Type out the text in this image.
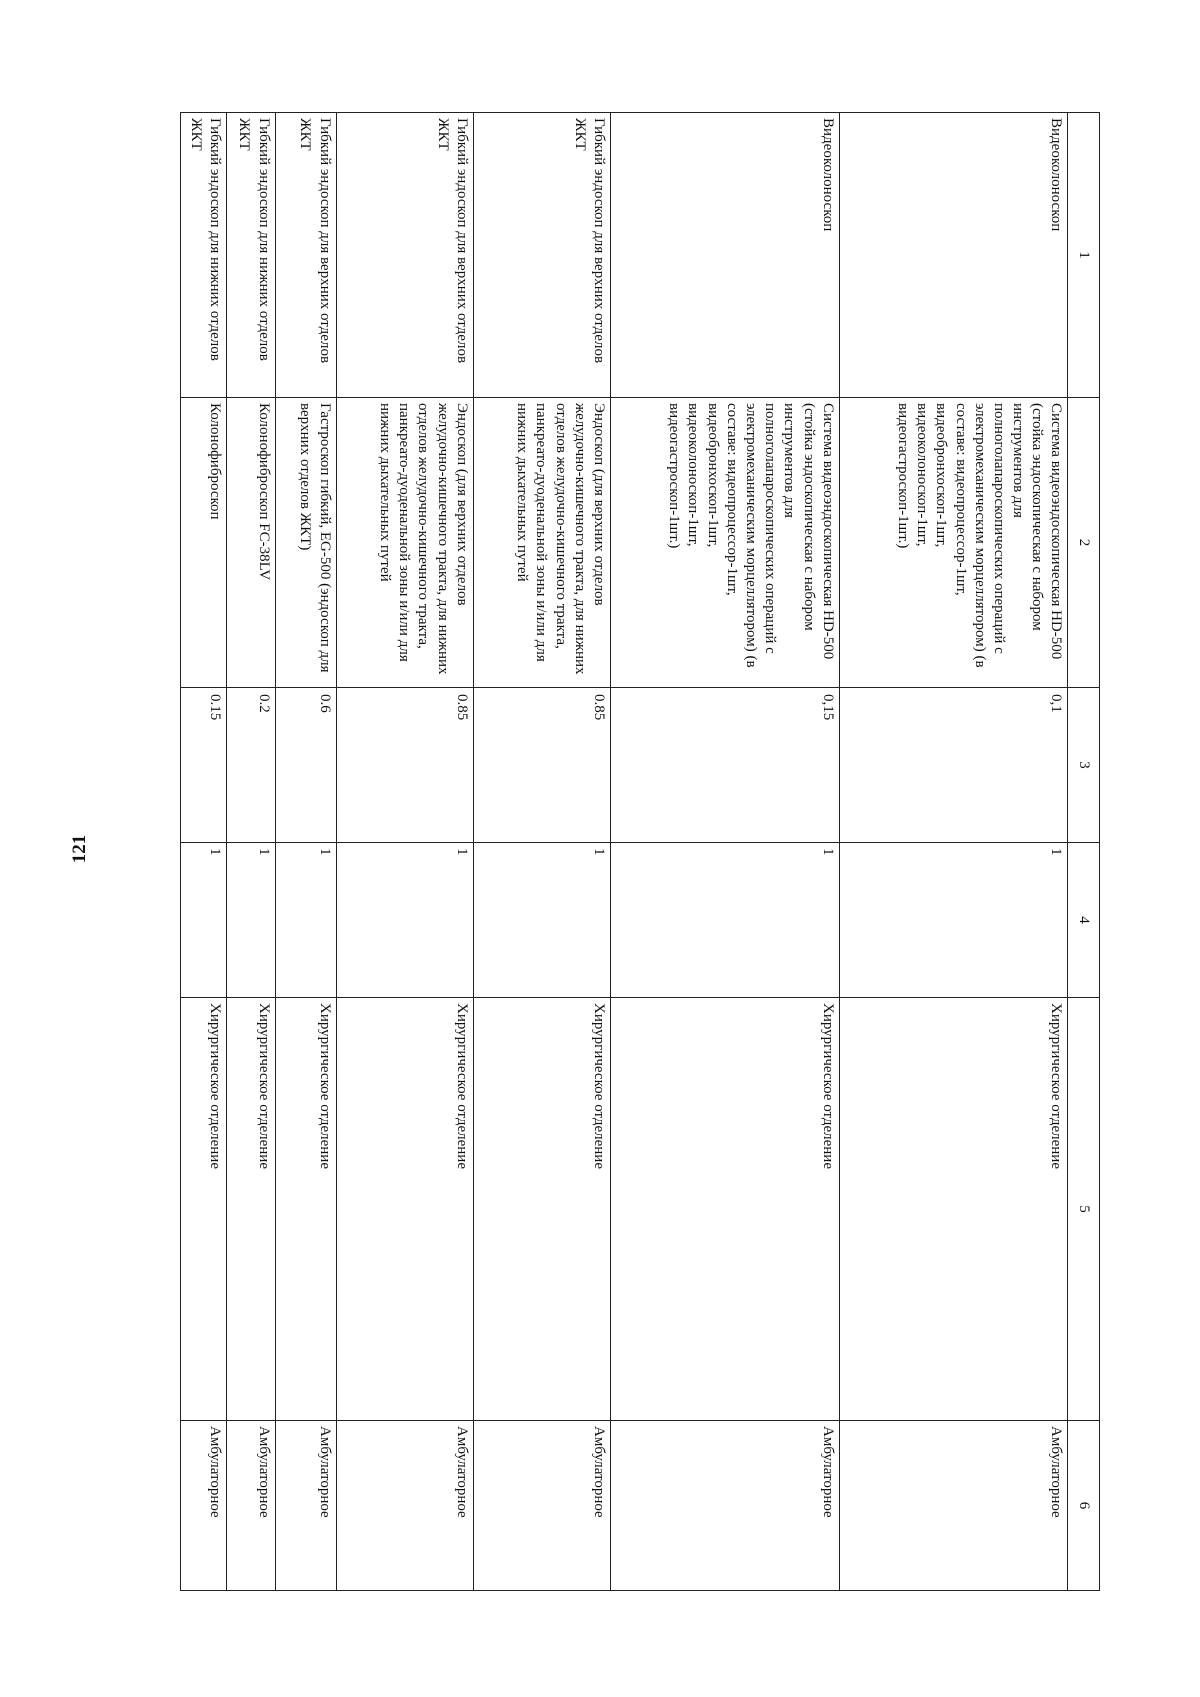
121
1	2	3	4	5	6
Видеоколоноскоп	Система видеоэндоскопическая HD-500 (стойка эндоскопическая с набором инструментов для полноголапароскопических операций с электромеханическим морцеллятором) (в составе: видеопроцессор-1шт, видеобронхоскоп-1шт, видеоколоноскоп-1шт, видеогастроскоп-1шт.)	0,1	1	Хирургическое отделение	Амбулаторное
Видеоколоноскоп	Система видеоэндоскопическая HD-500 (стойка эндоскопическая с набором инструментов для полноголапароскопических операций с электромеханическим морцеллятором) (в составе: видеопроцессор-1шт, видеобронхоскоп-1шт, видеоколоноскоп-1шт, видеогастроскоп-1шт.)	0,15	1	Хирургическое отделение	Амбулаторное
Гибкий эндоскоп для верхних отделов ЖКТ	Эндоскоп (для верхних отделов желудочно-кишечного тракта, для нижних отделов желудочно-кишечного тракта, панкреато-дуоденальной зоны и/или для нижних дыхательных путей	0.85	1	Хирургическое отделение	Амбулаторное
Гибкий эндоскоп для верхних отделов ЖКТ	Эндоскоп (для верхних отделов желудочно-кишечного тракта, для нижних отделов желудочно-кишечного тракта, панкреато-дуоденальной зоны и/или для нижних дыхательных путей	0.85	1	Хирургическое отделение	Амбулаторное
Гибкий эндоскоп для верхних отделов ЖКТ	Гастроскоп гибкий, EG-500 (эндоскоп для верхних отделов ЖКТ)	0.6	1	Хирургическое отделение	Амбулаторное
Гибкий эндоскоп для нижних отделов ЖКТ	Колонофиброскоп FC-38LV	0.2	1	Хирургическое отделение	Амбулаторное
Гибкий эндоскоп для нижних отделов ЖКТ	Колонофиброскоп	0.15	1	Хирургическое отделение	Амбулаторное
